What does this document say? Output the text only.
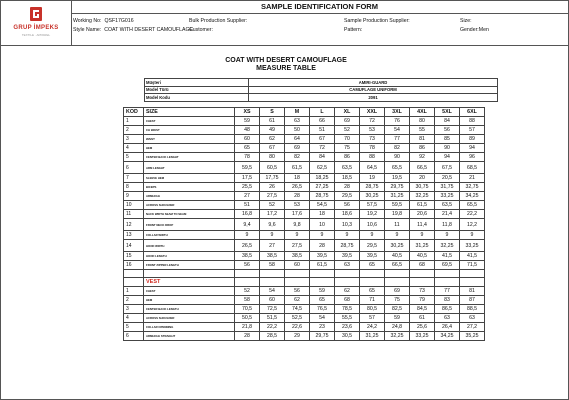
GRUP İMPEKS
TEXTILE · APPAREL
SAMPLE IDENTIFICATION FORM
Working No: QSF17G016
Style Name: COAT WITH DESERT CAMOUFLAGE
Bulk Production Supplier:
Customer:
Sample Production Supplier:
Pattern:
Size:
Gender:Men
COAT WITH DESERT CAMOUFLAGE
MEASURE TABLE
Müşteri	AMIRI-GUARD
Model Türü	CAMUFLAGE UNIFORM
Model Kodu	2091
KOD	SIZE	XS	S	M	L	XL	XXL	3XL	4XL	5XL	6XL
1	CHEST	59	61	63	66	69	72	76	80	84	88
2	CH WAIST	48	49	50	51	52	53	54	55	56	57
3	WAIST	60	62	64	67	70	73	77	81	85	89
4	HEM	65	67	69	72	75	78	82	86	90	94
5	CENTER BACK LENGHT	78	80	82	84	86	88	90	92	94	96
6	ARM LENGHT	59,5	60,5	61,5	62,5	63,5	64,5	65,5	66,5	67,5	68,5
7	SLEEVE HEM	17,5	17,75	18	18,25	18,5	19	19,5	20	20,5	21
8	BICEPS	25,5	26	26,5	27,25	28	28,75	29,75	30,75	31,75	32,75
9	ARMHOLE	27	27,5	28	28,75	29,5	30,25	31,25	32,25	33,25	34,25
10	ACROSS SHOULDER	51	52	53	54,5	56	57,5	59,5	61,5	63,5	65,5
11	NACK WIDTH SEAM TO SEAM	16,8	17,2	17,6	18	18,6	19,2	19,8	20,6	21,4	22,2
12	FRONT NECK DROP	9,4	9,6	9,8	10	10,3	10,6	11	11,4	11,8	12,2
13	COLLAR WIDTH	9	9	9	9	9	9	9	9	9	9
14	HOOD WIDTH	26,5	27	27,5	28	28,75	29,5	30,25	31,25	32,25	33,25
15	HOOD LENGTH	38,5	38,5	38,5	39,5	39,5	39,5	40,5	40,5	41,5	41,5
16	FRONT ZIPPER LENGTH	56	58	60	61,5	63	65	66,5	68	69,5	71,5

	VEST										
1	CHEST	52	54	56	59	62	65	69	73	77	81
2	HEM	58	60	62	65	68	71	75	79	83	87
3	CENTER BACK LENGTH	70,5	72,5	74,5	76,5	78,5	80,5	82,5	84,5	86,5	88,5
4	ACROSS SHOULDER	50,5	51,5	52,5	54	55,5	57	59	61	63	63
5	COLLAR OPENNING	21,8	22,2	22,6	23	23,6	24,2	24,8	25,6	26,4	27,2
6	ARMHOLE STRAIGHT	28	28,5	29	29,75	30,5	31,25	32,25	33,25	34,25	35,25
